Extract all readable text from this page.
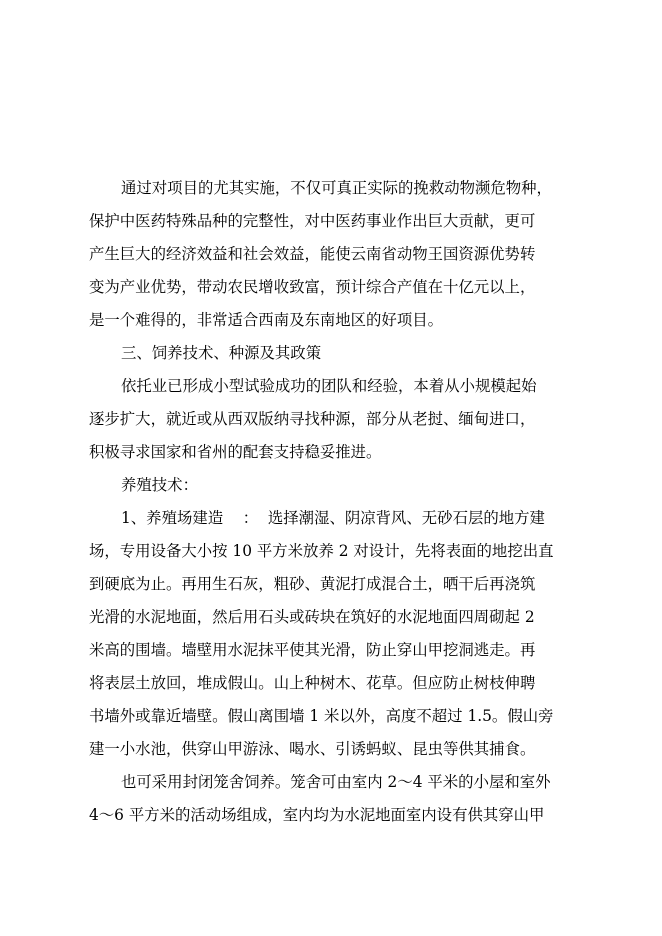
通过对项目的尤其实施，不仅可真正实际的挽救动物濒危物种，
保护中医药特殊品种的完整性，对中医药事业作出巨大贡献，更可
产生巨大的经济效益和社会效益，能使云南省动物王国资源优势转
变为产业优势，带动农民增收致富，预计综合产值在十亿元以上，
是一个难得的，非常适合西南及东南地区的好项目。
三、饲养技术、种源及其政策
依托业已形成小型试验成功的团队和经验，本着从小规模起始
逐步扩大，就近或从西双版纳寻找种源，部分从老挝、缅甸进口，
积极寻求国家和省州的配套支持稳妥推进。
养殖技术：
1、养殖场建造    ：  选择潮湿、阴凉背风、无砂石层的地方建
场，专用设备大小按 10 平方米放养 2 对设计，先将表面的地挖出直
到硬底为止。再用生石灰，粗砂、黄泥打成混合土，晒干后再浇筑
光滑的水泥地面，然后用石头或砖块在筑好的水泥地面四周砌起 2
米高的围墙。墙壁用水泥抹平使其光滑，防止穿山甲挖洞逃走。再
将表层土放回，堆成假山。山上种树木、花草。但应防止树枝伸聘
书墙外或靠近墙壁。假山离围墙 1 米以外，高度不超过 1.5。假山旁
建一小水池，供穿山甲游泳、喝水、引诱蚂蚁、昆虫等供其捕食。
也可采用封闭笼舍饲养。笼舍可由室内 2～4 平米的小屋和室外
4～6 平方米的活动场组成，室内均为水泥地面室内设有供其穿山甲
